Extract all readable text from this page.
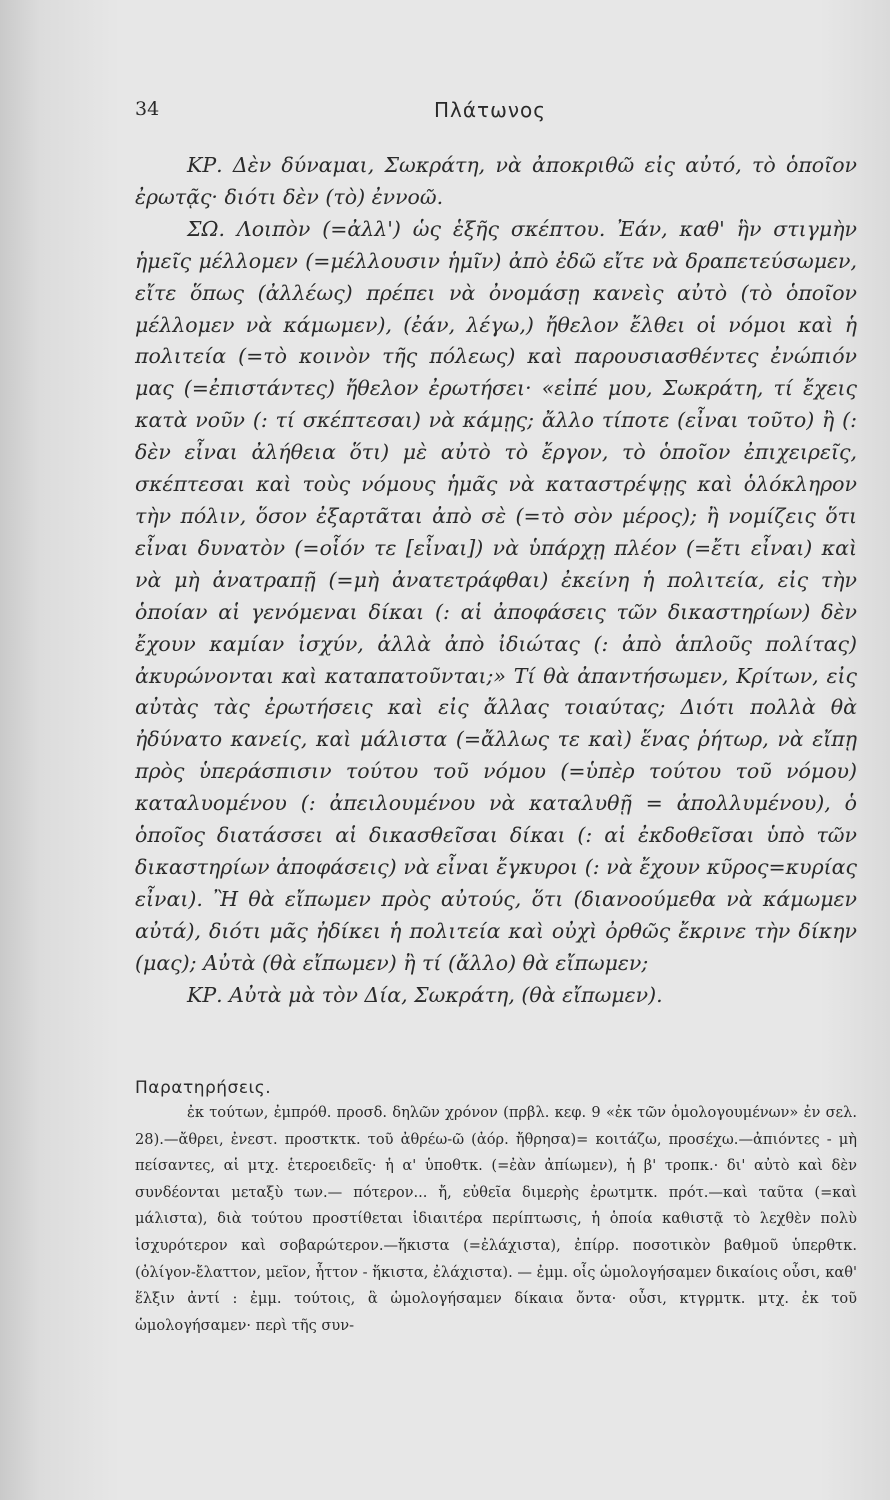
34	Πλάτωνος

ΚΡ. Δὲν δύναμαι, Σωκράτη, νὰ ἀποκριθῶ εἰς αὐτό, τὸ ὁποῖον ἐρωτᾷς· διότι δὲν (τὸ) ἐννοῶ.

ΣΩ. Λοιπὸν (=ἀλλ') ὡς ἑξῆς σκέπτου. Ἐάν, καθ' ἣν στιγμὴν ἡμεῖς μέλλομεν (=μέλλουσιν ἡμῖν) ἀπὸ ἐδῶ εἴτε νὰ δραπετεύσωμεν, εἴτε ὅπως (ἀλλέως) πρέπει νὰ ὀνομάσῃ κανεὶς αὐτὸ (τὸ ὁποῖον μέλλομεν νὰ κάμωμεν), (ἐάν, λέγω,) ἤθελον ἔλθει οἱ νόμοι καὶ ἡ πολιτεία (=τὸ κοινὸν τῆς πόλεως) καὶ παρουσιασθέντες ἐνώπιόν μας (=ἐπιστάντες) ἤθελον ἐρωτήσει· «εἰπέ μου, Σωκράτη, τί ἔχεις κατὰ νοῦν (: τί σκέπτεσαι) νὰ κάμῃς; ἄλλο τίποτε (εἶναι τοῦτο) ἢ (: δὲν εἶναι ἀλήθεια ὅτι) μὲ αὐτὸ τὸ ἔργον, τὸ ὁποῖον ἐπιχειρεῖς, σκέπτεσαι καὶ τοὺς νόμους ἡμᾶς νὰ καταστρέψῃς καὶ ὁλόκληρον τὴν πόλιν, ὅσον ἐξαρτᾶται ἀπὸ σὲ (=τὸ σὸν μέρος); ἢ νομίζεις ὅτι εἶναι δυνατὸν (=οἷόν τε [εἶναι]) νὰ ὑπάρχῃ πλέον (=ἔτι εἶναι) καὶ νὰ μὴ ἀνατραπῇ (=μὴ ἀνατετράφθαι) ἐκείνη ἡ πολιτεία, εἰς τὴν ὁποίαν αἱ γενόμεναι δίκαι (: αἱ ἀποφάσεις τῶν δικαστηρίων) δὲν ἔχουν καμίαν ἰσχύν, ἀλλὰ ἀπὸ ἰδιώτας (: ἀπὸ ἁπλοῦς πολίτας) ἀκυρώνονται καὶ καταπατοῦνται;» Τί θὰ ἀπαντήσωμεν, Κρίτων, εἰς αὐτὰς τὰς ἐρωτήσεις καὶ εἰς ἄλλας τοιαύτας; Διότι πολλὰ θὰ ἠδύνατο κανείς, καὶ μάλιστα (=ἄλλως τε καὶ) ἕνας ῥήτωρ, νὰ εἴπῃ πρὸς ὑπεράσπισιν τούτου τοῦ νόμου (=ὑπὲρ τούτου τοῦ νόμου) καταλυομένου (: ἀπειλουμένου νὰ καταλυθῇ = ἀπολλυμένου), ὁ ὁποῖος διατάσσει αἱ δικασθεῖσαι δίκαι (: αἱ ἐκδοθεῖσαι ὑπὸ τῶν δικαστηρίων ἀποφάσεις) νὰ εἶναι ἔγκυροι (: νὰ ἔχουν κῦρος=κυρίας εἶναι). Ἢ θὰ εἴπωμεν πρὸς αὐτούς, ὅτι (διανοούμεθα νὰ κάμωμεν αὐτά), διότι μᾶς ἠδίκει ἡ πολιτεία καὶ οὐχὶ ὀρθῶς ἔκρινε τὴν δίκην (μας); Αὐτὰ (θὰ εἴπωμεν) ἢ τί (ἄλλο) θὰ εἴπωμεν;

ΚΡ. Αὐτὰ μὰ τὸν Δία, Σωκράτη, (θὰ εἴπωμεν).

Παρατηρήσεις.

ἐκ τούτων, ἐμπρόθ. προσδ. δηλῶν χρόνον (πρβλ. κεφ. 9 «ἐκ τῶν ὁμολογουμένων» ἐν σελ. 28).—ἄθρει, ἐνεστ. προστκτκ. τοῦ ἀθρέω-ῶ (ἀόρ. ἤθρησα)= κοιτάζω, προσέχω.—ἀπιόντες - μὴ πείσαντες, αἱ μτχ. ἑτεροειδεῖς· ἡ α' ὑποθτκ. (=ἐὰν ἀπίωμεν), ἡ β' τροπκ.· δι' αὐτὸ καὶ δὲν συνδέονται μεταξὺ των.— πότερον... ἤ, εὐθεῖα διμερὴς ἐρωτμτκ. πρότ.—καὶ ταῦτα (=καὶ μάλιστα), διὰ τούτου προστίθεται ἰδιαιτέρα περίπτωσις, ἡ ὁποία καθιστᾷ τὸ λεχθὲν πολὺ ἰσχυρότερον καὶ σοβαρώτερον.—ἥκιστα (=ἐλάχιστα), ἐπίρρ. ποσοτικὸν βαθμοῦ ὑπερθτκ. (ὀλίγον-ἔλαττον, μεῖον, ἧττον - ἥκιστα, ἐλάχιστα). — ἐμμ. οἷς ὡμολογήσαμεν δικαίοις οὖσι, καθ' ἕλξιν ἀντί : ἐμμ. τούτοις, ἃ ὡμολογήσαμεν δίκαια ὄντα· οὖσι, κτγρμτκ. μτχ. ἐκ τοῦ ὡμολογήσαμεν· περὶ τῆς συν-
